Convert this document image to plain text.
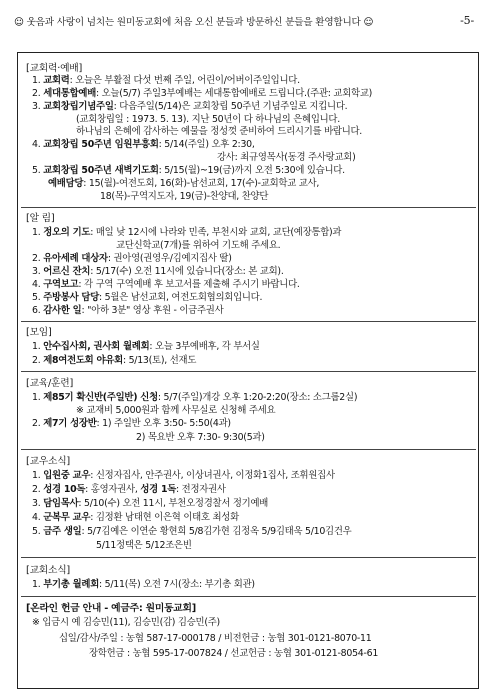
☺ 웃음과 사랑이 넘치는 원미동교회에 처음 오신 분들과 방문하신 분들을 환영합니다 ☺	-5-
[교회력·예배]
1. 교회력: 오늘은 부활절 다섯 번째 주일, 어린이/어버이주일입니다.
2. 세대통합예배: 오늘(5/7) 주일3부예배는 세대통합예배로 드립니다.(주관: 교회학교)
3. 교회창립기념주일: 다음주일(5/14)은 교회창립 50주년 기념주일로 지킵니다.
(교회창립일 : 1973. 5. 13). 지난 50년이 다 하나님의 은혜입니다.
하나님의 은혜에 감사하는 예물을 정성껏 준비하여 드리시기를 바랍니다.
4. 교회창립 50주년 임원부흥회: 5/14(주일) 오후 2:30,
강사: 최규영목사(동경 주사랑교회)
5. 교회창립 50주년 새벽기도회: 5/15(월)~19(금)까지 오전 5:30에 있습니다.
예배담당: 15(월)-여전도회, 16(화)-남선교회, 17(수)-교회학교 교사,
18(목)-구역지도자, 19(금)-찬양대, 찬양단
[알 림]
1. 정오의 기도: 매일 낮 12시에 나라와 민족, 부천시와 교회, 교단(예장통합)과
교단신학교(7개)를 위하여 기도해 주세요.
2. 유아세례 대상자: 권아영(권영우/김예지집사 딸)
3. 어르신 잔치: 5/17(수) 오전 11시에 있습니다(장소: 본 교회).
4. 구역보고: 각 구역 구역예배 후 보고서를 제출해 주시기 바랍니다.
5. 주방봉사 담당: 5월은 남선교회, 여전도회협의회입니다.
6. 감사한 일: "아하 3분" 영상 후원 - 이금주권사
[모임]
1. 안수집사회, 권사회 월례회: 오늘 3부예배후, 각 부서실
2. 제8여전도회 야유회: 5/13(토), 선재도
[교육/훈련]
1. 제85기 확신반(주일반) 신청: 5/7(주일)개강 오후 1:20-2:20(장소: 소그룹2실)
※ 교재비 5,000원과 함께 사무실로 신청해 주세요
2. 제7기 성장반: 1) 주일반 오후 3:50- 5:50(4과)
2) 목요반 오후 7:30- 9:30(5과)
[교우소식]
1. 입원중 교우: 신정자집사, 안주권사, 이상녀권사, 이정화1집사, 조휘원집사
2. 성경 10독: 홍영자권사, 성경 1독: 전정자권사
3. 담임목사: 5/10(수) 오전 11시, 부천오정경찰서 정기예배
4. 군복무 교우: 김정환 남태현 이은혁 이태호 최성화
5. 금주 생일: 5/7김예은 이연순 황현희 5/8김가현 김정옥 5/9김태욱 5/10김건우
5/11정택은 5/12조은빈
[교회소식]
1. 부기총 월례회: 5/11(목) 오전 7시(장소: 부기총 회관)
[온라인 헌금 안내 - 예금주: 원미동교회]
※ 입금시 예 김승민(11), 김승민(감) 김승민(주)
십일/감사/주일 : 농협 587-17-000178 / 비전헌금 : 농협 301-0121-8070-11
장학헌금 : 농협 595-17-007824 / 선교헌금 : 농협 301-0121-8054-61
